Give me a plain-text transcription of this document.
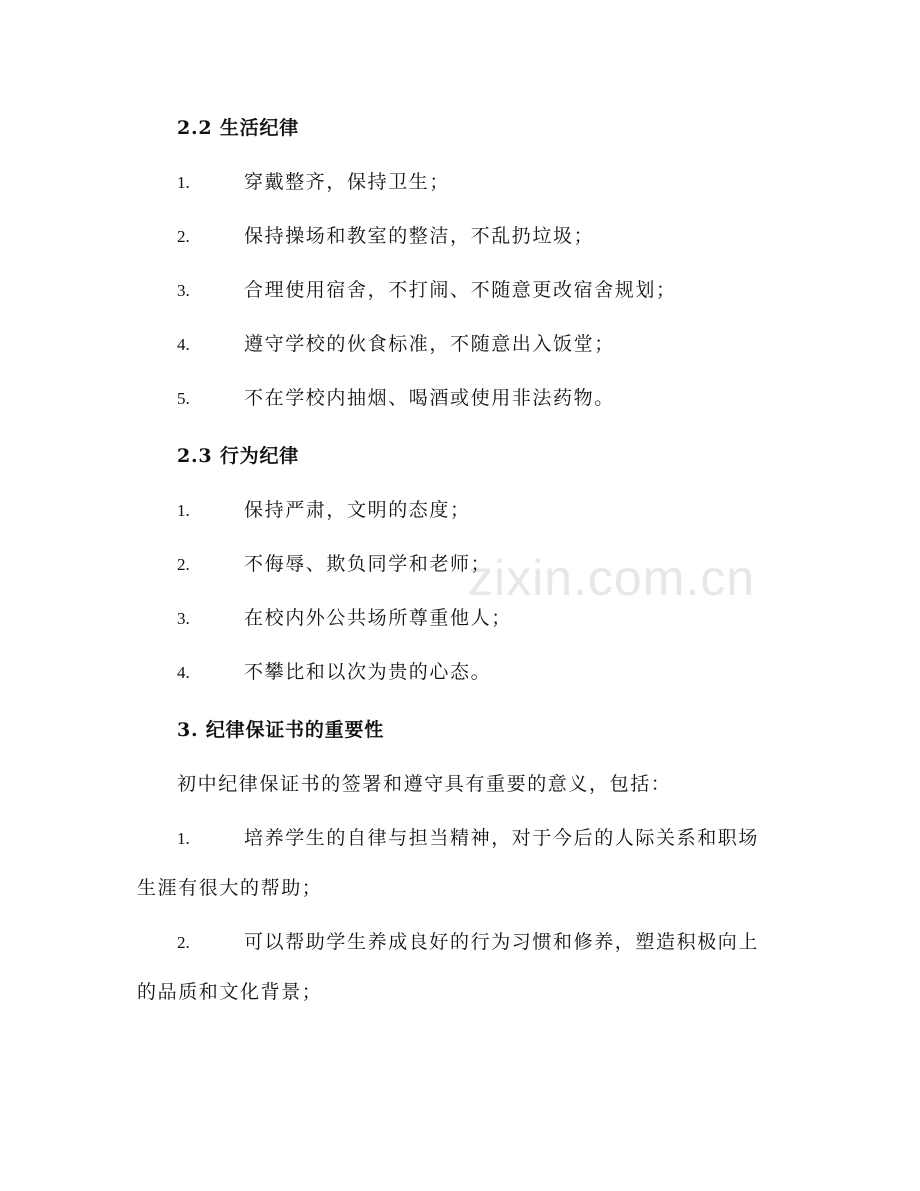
zixin.com.cn
2.2 生活纪律
1.	穿戴整齐，保持卫生；
2.	保持操场和教室的整洁，不乱扔垃圾；
3.	合理使用宿舍，不打闹、不随意更改宿舍规划；
4.	遵守学校的伙食标准，不随意出入饭堂；
5.	不在学校内抽烟、喝酒或使用非法药物。
2.3 行为纪律
1.	保持严肃，文明的态度；
2.	不侮辱、欺负同学和老师；
3.	在校内外公共场所尊重他人；
4.	不攀比和以次为贵的心态。
3. 纪律保证书的重要性
初中纪律保证书的签署和遵守具有重要的意义，包括：
1.	培养学生的自律与担当精神，对于今后的人际关系和职场
生涯有很大的帮助；
2.	可以帮助学生养成良好的行为习惯和修养，塑造积极向上
的品质和文化背景；
